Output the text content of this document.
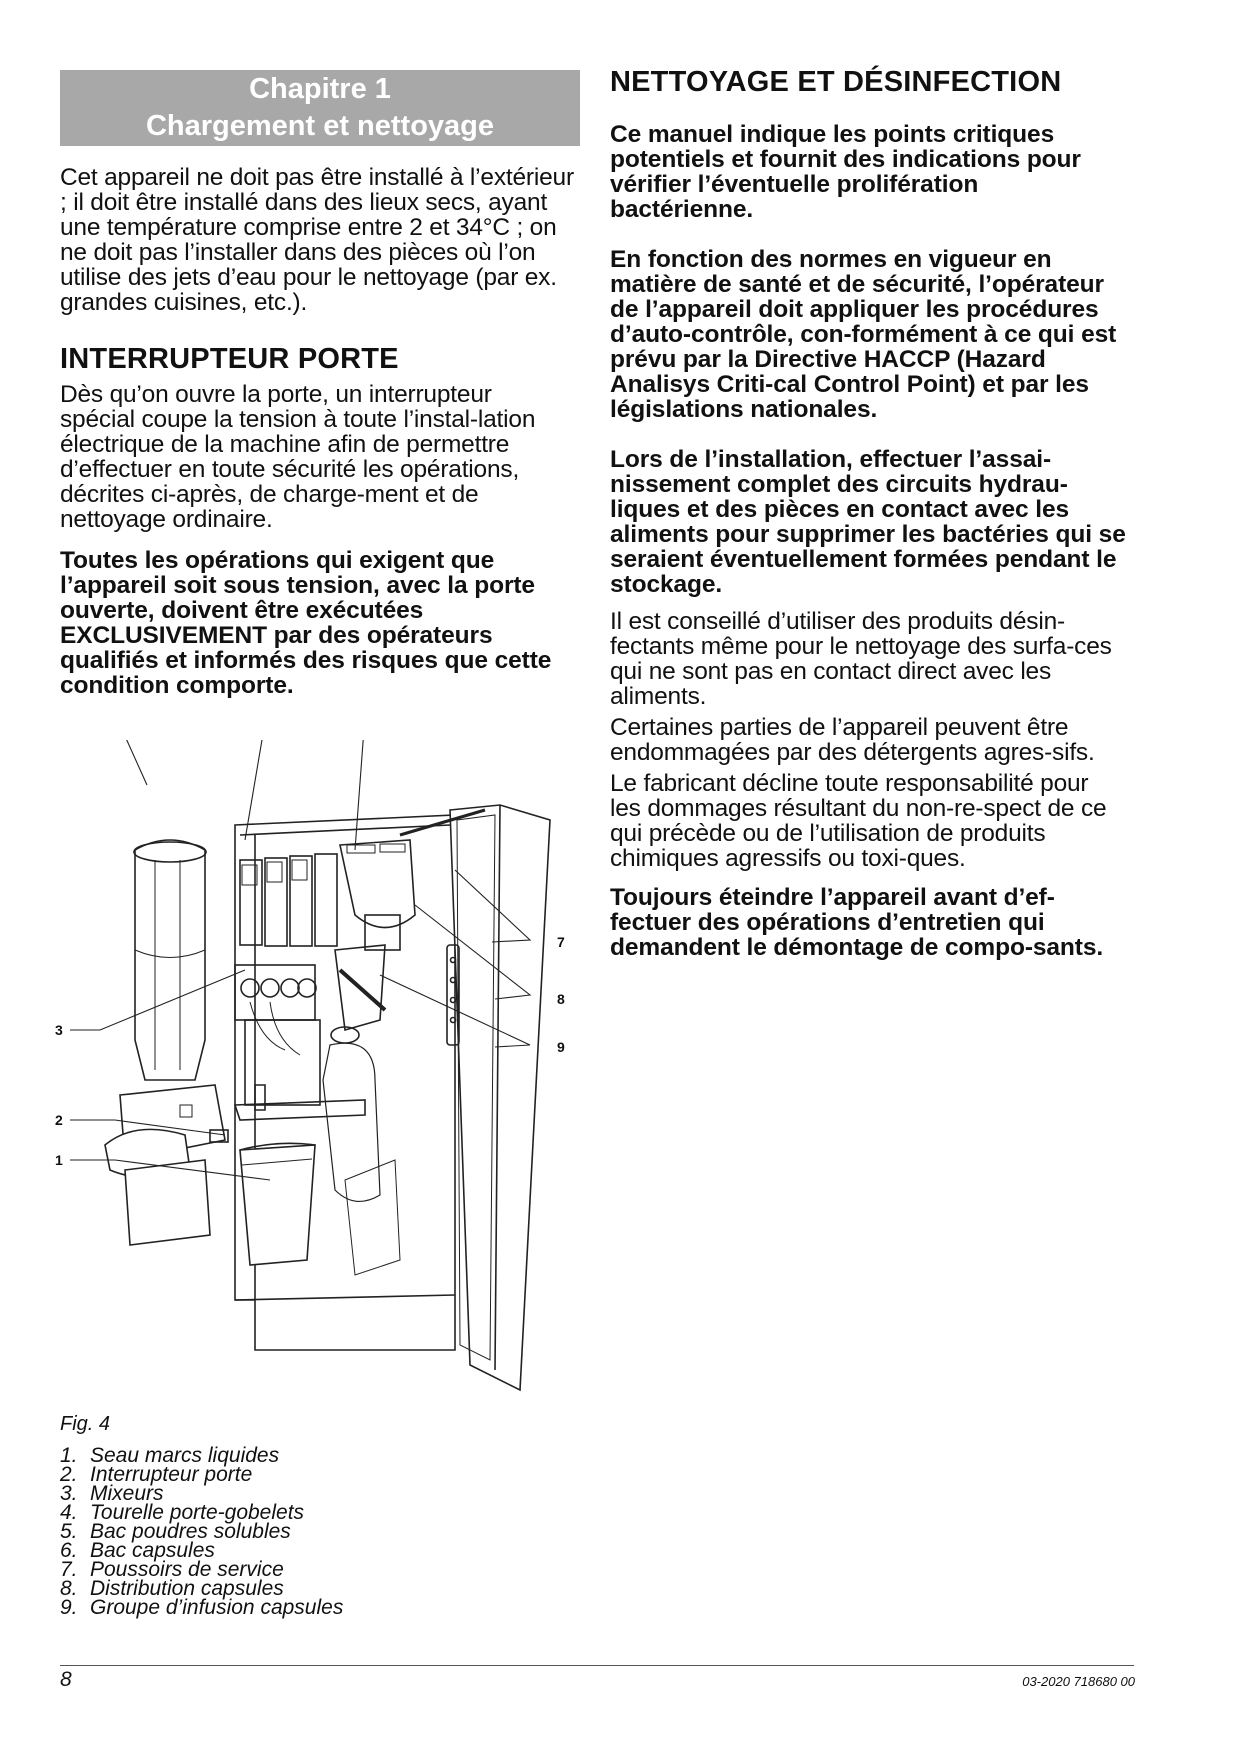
Chapitre 1
Chargement et nettoyage

Cet appareil ne doit pas être installé à l’extérieur ; il doit être installé dans des lieux secs, ayant une température comprise entre 2 et 34°C ; on ne doit pas l’installer dans des pièces où l’on utilise des jets d’eau pour le nettoyage (par ex. grandes cuisines, etc.).

INTERRUPTEUR PORTE

Dès qu’on ouvre la porte, un interrupteur spécial coupe la tension à toute l’instal-lation électrique de la machine afin de permettre d’effectuer en toute sécurité les opérations, décrites ci-après, de charge-ment et de nettoyage ordinaire.

Toutes les opérations qui exigent que l’appareil soit sous tension, avec la porte ouverte, doivent être exécutées EXCLUSIVEMENT par des opérateurs qualifiés et informés des risques que cette condition comporte.

3
2
1
7
8
9
Fig. 4
1. Seau marcs liquides
2. Interrupteur porte
3. Mixeurs
4. Tourelle porte-gobelets
5. Bac poudres solubles
6. Bac capsules
7. Poussoirs de service
8. Distribution capsules
9. Groupe d’infusion capsules
NETTOYAGE ET DÉSINFECTION

Ce manuel indique les points critiques potentiels et fournit des indications pour vérifier l’éventuelle prolifération bactérienne.

En fonction des normes en vigueur en matière de santé et de sécurité, l’opérateur de l’appareil doit appliquer les procédures d’auto-contrôle, con-formément à ce qui est prévu par la Directive HACCP (Hazard Analisys Criti-cal Control Point) et par les législations nationales.

Lors de l’installation, effectuer l’assai-nissement complet des circuits hydrau-liques et des pièces en contact avec les aliments pour supprimer les bactéries qui se seraient éventuellement formées pendant le stockage.

Il est conseillé d’utiliser des produits désin-fectants même pour le nettoyage des surfa-ces qui ne sont pas en contact direct avec les aliments.

Certaines parties de l’appareil peuvent être endommagées par des détergents agres-sifs.

Le fabricant décline toute responsabilité pour les dommages résultant du non-re-spect de ce qui précède ou de l’utilisation de produits chimiques agressifs ou toxi-ques.

Toujours éteindre l’appareil avant d’ef-fectuer des opérations d’entretien qui demandent le démontage de compo-sants.

8	03-2020 718680 00
